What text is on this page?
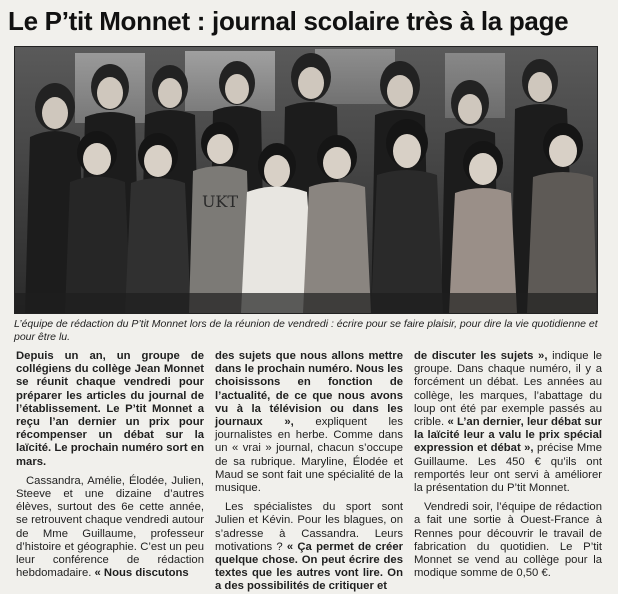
Le P’tit Monnet : journal scolaire très à la page
UKT

L’équipe de rédaction du P’tit Monnet lors de la réunion de vendredi : écrire pour se faire plaisir, pour dire la vie quotidienne et pour être lu.

Depuis un an, un groupe de collégiens du collège Jean Monnet se réunit chaque vendredi pour préparer les articles du journal de l’établissement. Le P’tit Monnet a reçu l’an dernier un prix pour récompenser un débat sur la laïcité. Le prochain numéro sort en mars.

Cassandra, Amélie, Élodée, Julien, Steeve et une dizaine d’autres élèves, surtout des 6e cette année, se retrouvent chaque vendredi autour de Mme Guillaume, professeur d’histoire et géographie. C’est un peu leur conférence de rédaction hebdomadaire. « Nous discutons

des sujets que nous allons mettre dans le prochain numéro. Nous les choisissons en fonction de l’actualité, de ce que nous avons vu à la télévision ou dans les journaux », expliquent les journalistes en herbe. Comme dans un « vrai » journal, chacun s’occupe de sa rubrique. Maryline, Élodée et Maud se sont fait une spécialité de la musique.

Les spécialistes du sport sont Julien et Kévin. Pour les blagues, on s’adresse à Cassandra. Leurs motivations ? « Ça permet de créer quelque chose. On peut écrire des textes que les autres vont lire. On a des possibilités de critiquer et

de discuter les sujets », indique le groupe. Dans chaque numéro, il y a forcément un débat. Les années au collège, les marques, l’abattage du loup ont été par exemple passés au crible. « L’an dernier, leur débat sur la laïcité leur a valu le prix spécial expression et débat », précise Mme Guillaume. Les 450 € qu’ils ont remportés leur ont servi à améliorer la présentation du P’tit Monnet.

Vendredi soir, l’équipe de rédaction a fait une sortie à Ouest-France à Rennes pour découvrir le travail de fabrication du quotidien. Le P’tit Monnet se vend au collège pour la modique somme de 0,50 €.
